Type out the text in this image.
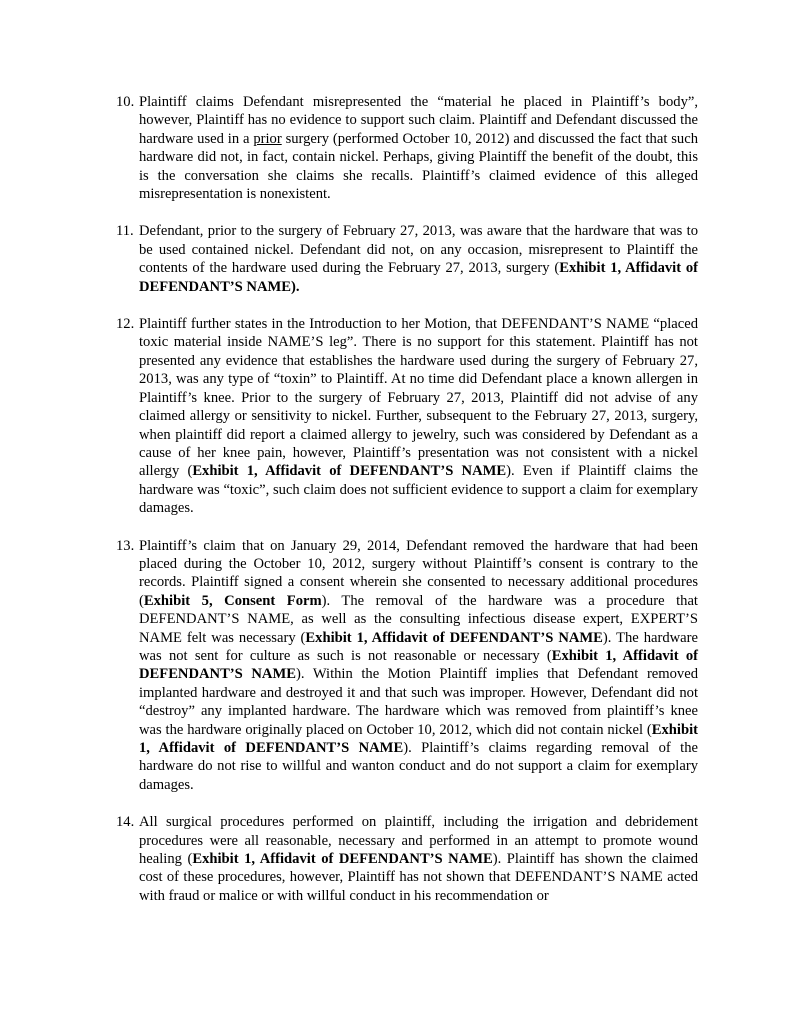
10. Plaintiff claims Defendant misrepresented the “material he placed in Plaintiff’s body”, however, Plaintiff has no evidence to support such claim. Plaintiff and Defendant discussed the hardware used in a prior surgery (performed October 10, 2012) and discussed the fact that such hardware did not, in fact, contain nickel. Perhaps, giving Plaintiff the benefit of the doubt, this is the conversation she claims she recalls. Plaintiff’s claimed evidence of this alleged misrepresentation is nonexistent.
11. Defendant, prior to the surgery of February 27, 2013, was aware that the hardware that was to be used contained nickel. Defendant did not, on any occasion, misrepresent to Plaintiff the contents of the hardware used during the February 27, 2013, surgery (Exhibit 1, Affidavit of DEFENDANT’S NAME).
12. Plaintiff further states in the Introduction to her Motion, that DEFENDANT’S NAME “placed toxic material inside NAME’S leg”. There is no support for this statement. Plaintiff has not presented any evidence that establishes the hardware used during the surgery of February 27, 2013, was any type of “toxin” to Plaintiff. At no time did Defendant place a known allergen in Plaintiff’s knee. Prior to the surgery of February 27, 2013, Plaintiff did not advise of any claimed allergy or sensitivity to nickel. Further, subsequent to the February 27, 2013, surgery, when plaintiff did report a claimed allergy to jewelry, such was considered by Defendant as a cause of her knee pain, however, Plaintiff’s presentation was not consistent with a nickel allergy (Exhibit 1, Affidavit of DEFENDANT’S NAME). Even if Plaintiff claims the hardware was “toxic”, such claim does not sufficient evidence to support a claim for exemplary damages.
13. Plaintiff’s claim that on January 29, 2014, Defendant removed the hardware that had been placed during the October 10, 2012, surgery without Plaintiff’s consent is contrary to the records. Plaintiff signed a consent wherein she consented to necessary additional procedures (Exhibit 5, Consent Form). The removal of the hardware was a procedure that DEFENDANT’S NAME, as well as the consulting infectious disease expert, EXPERT’S NAME felt was necessary (Exhibit 1, Affidavit of DEFENDANT’S NAME). The hardware was not sent for culture as such is not reasonable or necessary (Exhibit 1, Affidavit of DEFENDANT’S NAME). Within the Motion Plaintiff implies that Defendant removed implanted hardware and destroyed it and that such was improper. However, Defendant did not “destroy” any implanted hardware. The hardware which was removed from plaintiff’s knee was the hardware originally placed on October 10, 2012, which did not contain nickel (Exhibit 1, Affidavit of DEFENDANT’S NAME). Plaintiff’s claims regarding removal of the hardware do not rise to willful and wanton conduct and do not support a claim for exemplary damages.
14. All surgical procedures performed on plaintiff, including the irrigation and debridement procedures were all reasonable, necessary and performed in an attempt to promote wound healing (Exhibit 1, Affidavit of DEFENDANT’S NAME). Plaintiff has shown the claimed cost of these procedures, however, Plaintiff has not shown that DEFENDANT’S NAME acted with fraud or malice or with willful conduct in his recommendation or
